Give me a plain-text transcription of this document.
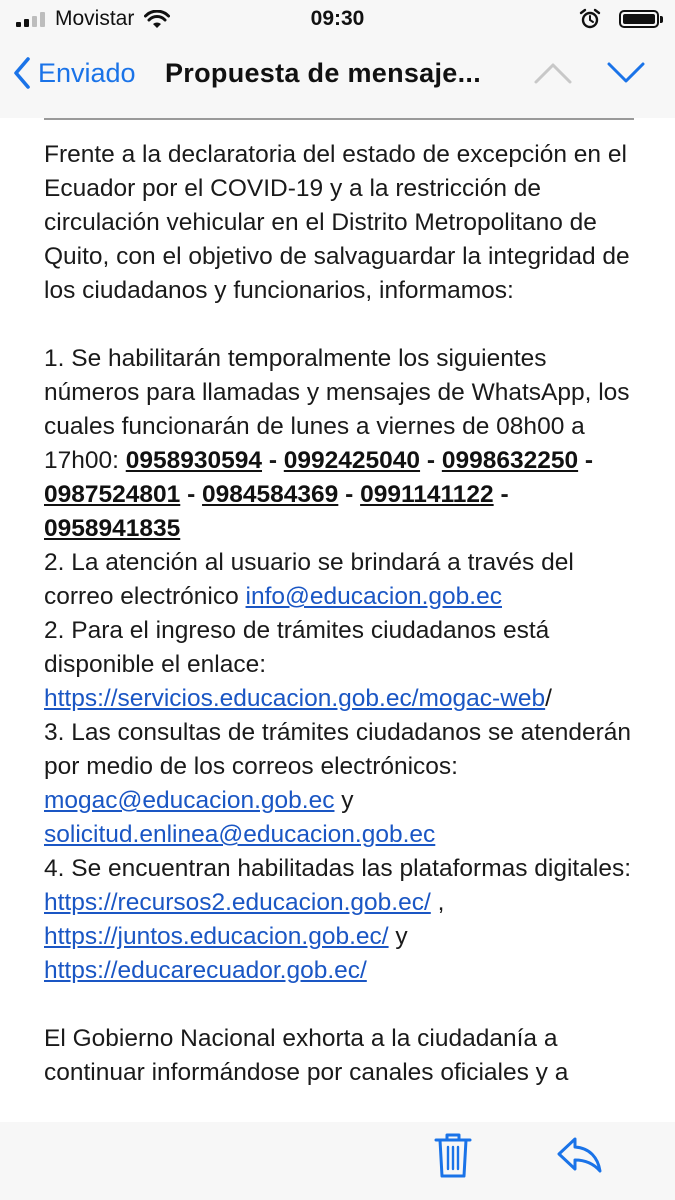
Movistar	09:30
Enviado Propuesta de mensaje...

Frente a la declaratoria del estado de excepción en el Ecuador por el COVID-19 y a la restricción de circulación vehicular en el Distrito Metropolitano de Quito, con el objetivo de salvaguardar la integridad de los ciudadanos y funcionarios, informamos:

1. Se habilitarán temporalmente los siguientes números para llamadas y mensajes de WhatsApp, los cuales funcionarán de lunes a viernes de 08h00 a 17h00: 0958930594 - 0992425040 - 0998632250 - 0987524801 - 0984584369 - 0991141122 - 0958941835

2. La atención al usuario se brindará a través del correo electrónico info@educacion.gob.ec

2. Para el ingreso de trámites ciudadanos está disponible el enlace: https://servicios.educacion.gob.ec/mogac-web/

3. Las consultas de trámites ciudadanos se atenderán por medio de los correos electrónicos: mogac@educacion.gob.ec y solicitud.enlinea@educacion.gob.ec

4. Se encuentran habilitadas las plataformas digitales: https://recursos2.educacion.gob.ec/ , https://juntos.educacion.gob.ec/ y https://educarecuador.gob.ec/

El Gobierno Nacional exhorta a la ciudadanía a continuar informándose por canales oficiales y a
